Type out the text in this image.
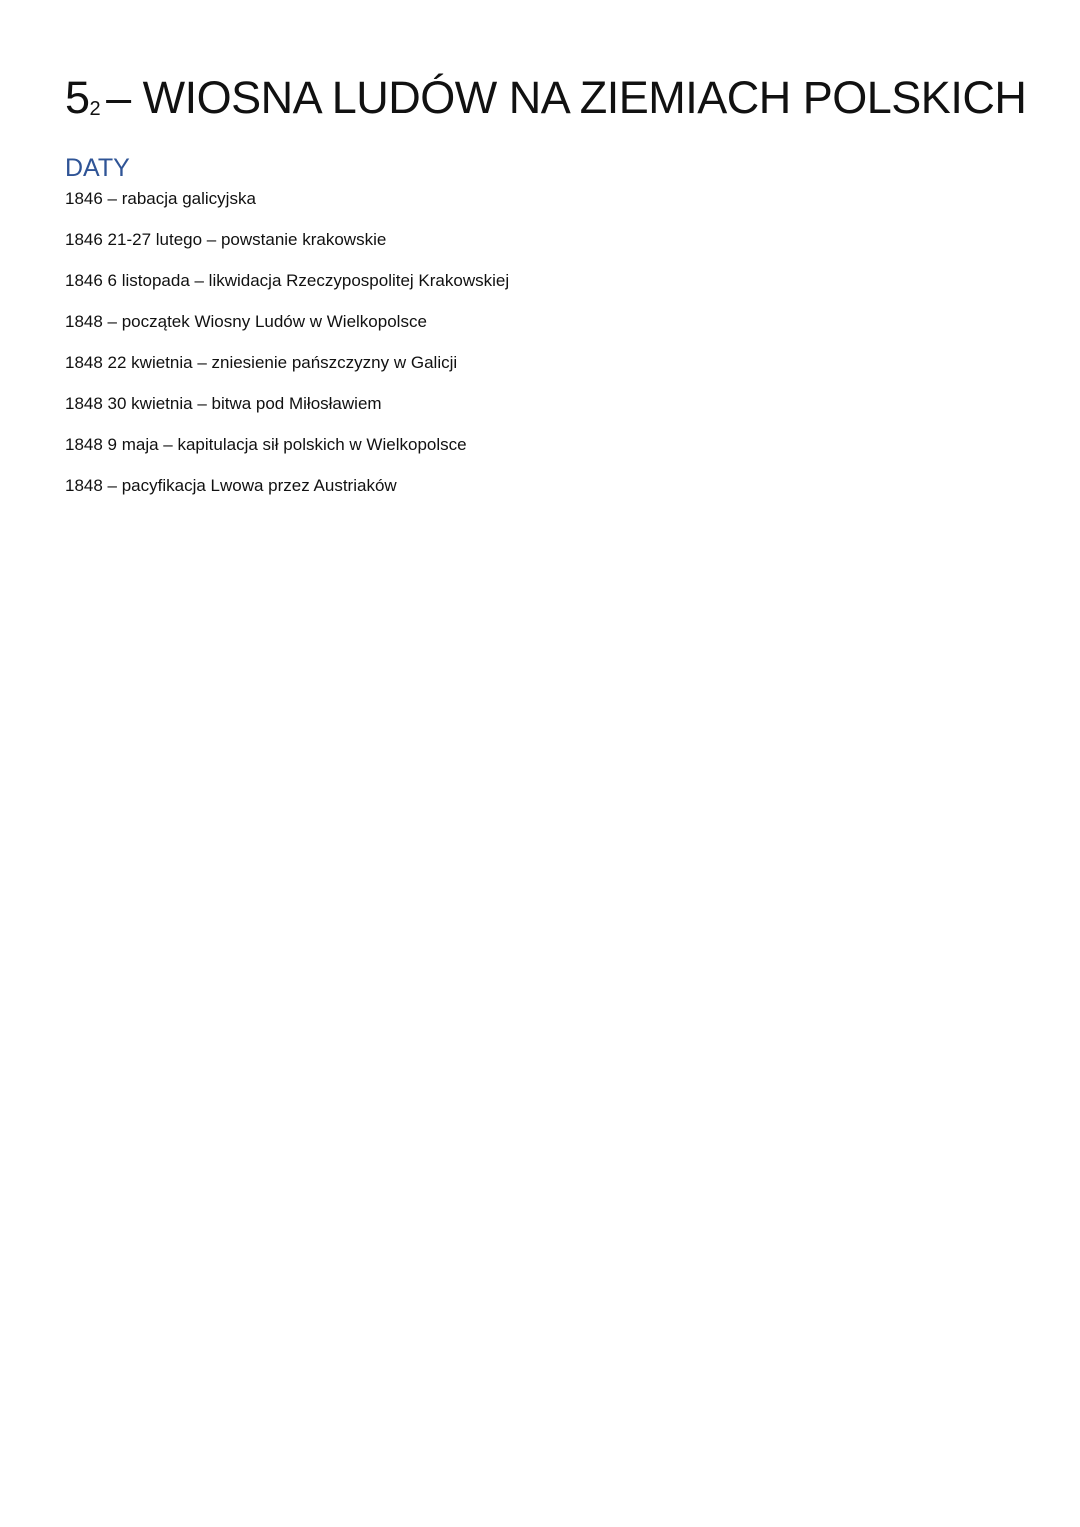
52 – WIOSNA LUDÓW NA ZIEMIACH POLSKICH
DATY
1846 – rabacja galicyjska
1846 21-27 lutego – powstanie krakowskie
1846 6 listopada – likwidacja Rzeczypospolitej Krakowskiej
1848 – początek Wiosny Ludów w Wielkopolsce
1848 22 kwietnia – zniesienie pańszczyzny w Galicji
1848 30 kwietnia – bitwa pod Miłosławiem
1848 9 maja – kapitulacja sił polskich w Wielkopolsce
1848 – pacyfikacja Lwowa przez Austriaków
